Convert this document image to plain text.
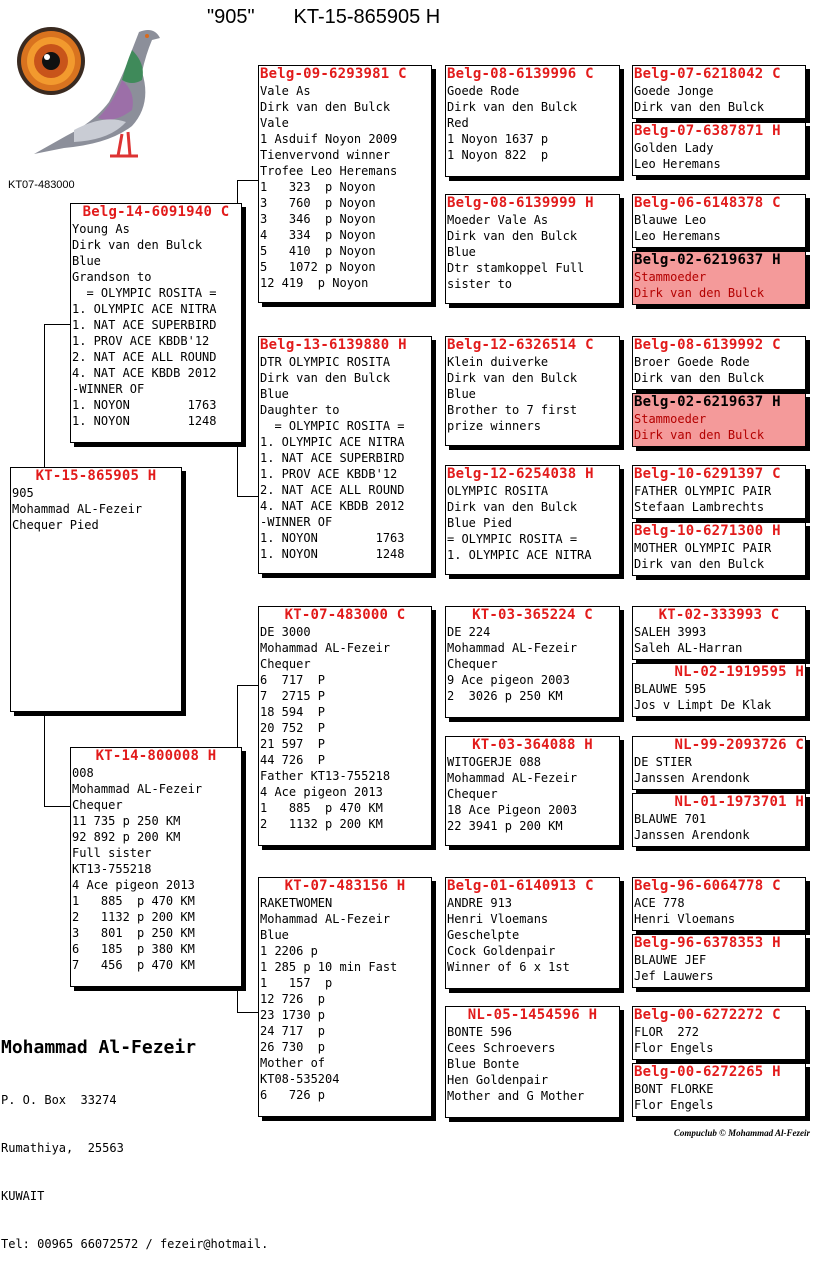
"905" KT-15-865905 H
KT07-483000
KT-15-865905 H
905
Mohammad AL-Fezeir
Chequer Pied
Belg-14-6091940 C
Young As
Dirk van den Bulck
Blue
Grandson to
= OLYMPIC ROSITA =
1. OLYMPIC ACE NITRA
1. NAT ACE SUPERBIRD
1. PROV ACE KBDB'12
2. NAT ACE ALL ROUND
4. NAT ACE KBDB 2012
-WINNER OF
1. NOYON        1763
1. NOYON        1248
KT-14-800008 H
008
Mohammad AL-Fezeir
Chequer
11 735 p 250 KM
92 892 p 200 KM
Full sister
KT13-755218
4 Ace pigeon 2013
1   885  p 470 KM
2   1132 p 200 KM
3   801  p 250 KM
6   185  p 380 KM
7   456  p 470 KM
Belg-09-6293981 C
Vale As
Dirk van den Bulck
Vale
1 Asduif Noyon 2009
Tienvervond winner
Trofee Leo Heremans
1   323  p Noyon
3   760  p Noyon
3   346  p Noyon
4   334  p Noyon
5   410  p Noyon
5   1072 p Noyon
12 419  p Noyon
Belg-13-6139880 H
DTR OLYMPIC ROSITA
Dirk van den Bulck
Blue
Daughter to
= OLYMPIC ROSITA =
1. OLYMPIC ACE NITRA
1. NAT ACE SUPERBIRD
1. PROV ACE KBDB'12
2. NAT ACE ALL ROUND
4. NAT ACE KBDB 2012
-WINNER OF
1. NOYON        1763
1. NOYON        1248
KT-07-483000 C
DE 3000
Mohammad AL-Fezeir
Chequer
6  717  P
7  2715 P
18 594  P
20 752  P
21 597  P
44 726  P
Father KT13-755218
4 Ace pigeon 2013
1   885  p 470 KM
2   1132 p 200 KM
KT-07-483156 H
RAKETWOMEN
Mohammad AL-Fezeir
Blue
1 2206 p
1 285 p 10 min Fast
1   157  p
12 726  p
23 1730 p
24 717  p
26 730  p
Mother of
KT08-535204
6   726 p
Belg-08-6139996 C
Goede Rode
Dirk van den Bulck
Red
1 Noyon 1637 p
1 Noyon 822  p
Belg-08-6139999 H
Moeder Vale As
Dirk van den Bulck
Blue
Dtr stamkoppel Full
sister to
Belg-12-6326514 C
Klein duiverke
Dirk van den Bulck
Blue
Brother to 7 first
prize winners
Belg-12-6254038 H
OLYMPIC ROSITA
Dirk van den Bulck
Blue Pied
= OLYMPIC ROSITA =
1. OLYMPIC ACE NITRA
KT-03-365224 C
DE 224
Mohammad AL-Fezeir
Chequer
9 Ace pigeon 2003
2  3026 p 250 KM
KT-03-364088 H
WITOGERJE 088
Mohammad AL-Fezeir
Chequer
18 Ace Pigeon 2003
22 3941 p 200 KM
Belg-01-6140913 C
ANDRE 913
Henri Vloemans
Geschelpte
Cock Goldenpair
Winner of 6 x 1st
NL-05-1454596 H
BONTE 596
Cees Schroevers
Blue Bonte
Hen Goldenpair
Mother and G Mother
Belg-07-6218042 C
Goede Jonge
Dirk van den Bulck
Belg-07-6387871 H
Golden Lady
Leo Heremans
Belg-06-6148378 C
Blauwe Leo
Leo Heremans
Belg-02-6219637 H
Stammoeder
Dirk van den Bulck
Belg-08-6139992 C
Broer Goede Rode
Dirk van den Bulck
Belg-02-6219637 H
Stammoeder
Dirk van den Bulck
Belg-10-6291397 C
FATHER OLYMPIC PAIR
Stefaan Lambrechts
Belg-10-6271300 H
MOTHER OLYMPIC PAIR
Dirk van den Bulck
KT-02-333993 C
SALEH 3993
Saleh AL-Harran
NL-02-1919595 H
BLAUWE 595
Jos v Limpt De Klak
NL-99-2093726 C
DE STIER
Janssen Arendonk
NL-01-1973701 H
BLAUWE 701
Janssen Arendonk
Belg-96-6064778 C
ACE 778
Henri Vloemans
Belg-96-6378353 H
BLAUWE JEF
Jef Lauwers
Belg-00-6272272 C
FLOR  272
Flor Engels
Belg-00-6272265 H
BONT FLORKE
Flor Engels
Mohammad Al-Fezeir

P. O. Box  33274

Rumathiya,  25563

KUWAIT

Tel: 00965 66072572 / fezeir@hotmail.

Compuclub © Mohammad Al-Fezeir
